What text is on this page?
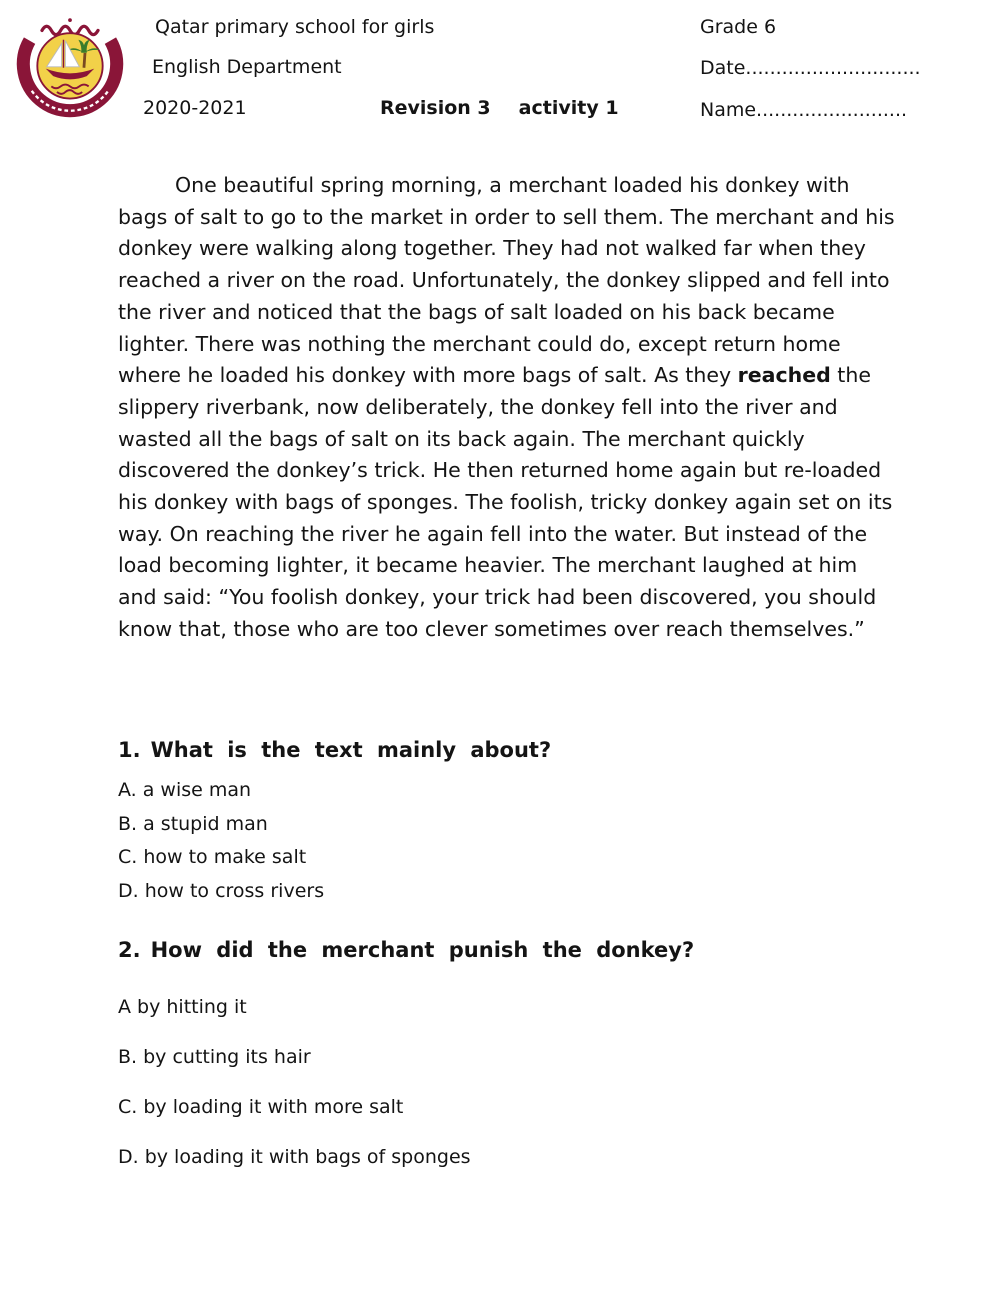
Qatar primary school for girls	Grade 6
English Department	Date.............................
2020-2021	Revision 3 activity 1	Name.........................

One beautiful spring morning, a merchant loaded his donkey with bags of salt to go to the market in order to sell them. The merchant and his donkey were walking along together. They had not walked far when they reached a river on the road. Unfortunately, the donkey slipped and fell into the river and noticed that the bags of salt loaded on his back became lighter. There was nothing the merchant could do, except return home where he loaded his donkey with more bags of salt. As they reached the slippery riverbank, now deliberately, the donkey fell into the river and wasted all the bags of salt on its back again. The merchant quickly discovered the donkey’s trick. He then returned home again but re-loaded his donkey with bags of sponges. The foolish, tricky donkey again set on its way. On reaching the river he again fell into the water. But instead of the load becoming lighter, it became heavier. The merchant laughed at him and said: “You foolish donkey, your trick had been discovered, you should know that, those who are too clever sometimes over reach themselves.”

1. What is the text mainly about?
A. a wise man
B. a stupid man
C. how to make salt
D. how to cross rivers
2. How did the merchant punish the donkey?
A by hitting it
B. by cutting its hair
C. by loading it with more salt
D. by loading it with bags of sponges
